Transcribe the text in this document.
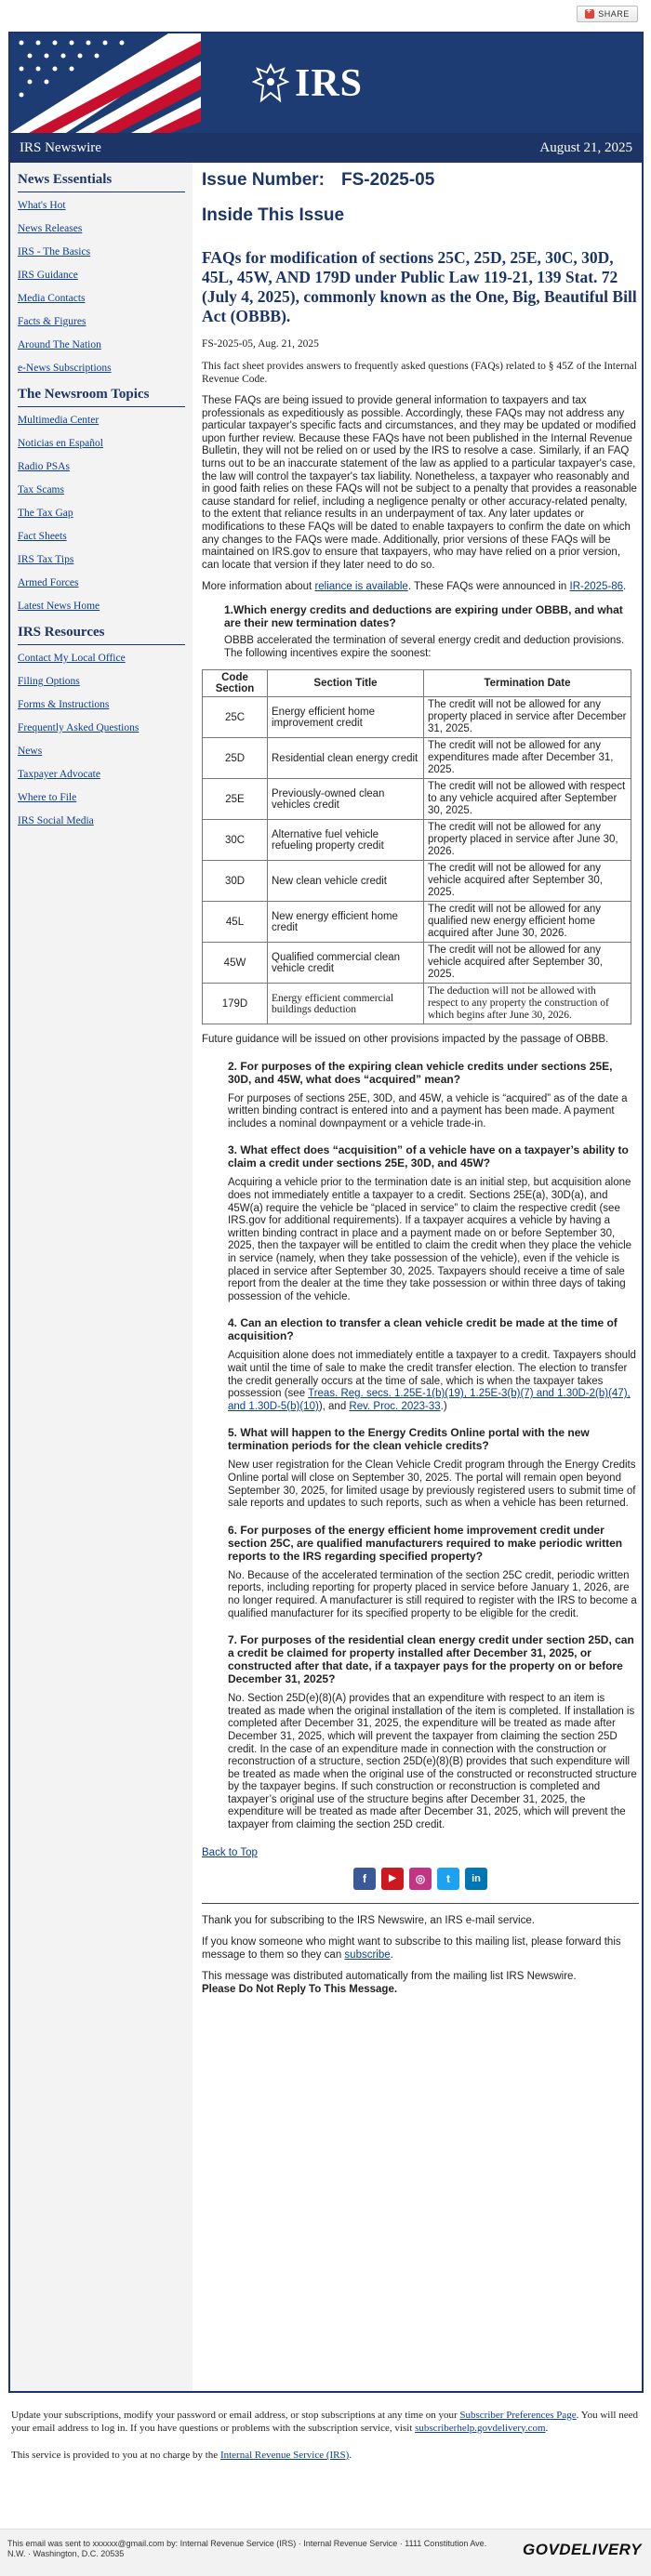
+
SHARE
IRS
IRS Newswire	August 21, 2025
News Essentials
What's Hot
News Releases
IRS - The Basics
IRS Guidance
Media Contacts
Facts & Figures
Around The Nation
e-News Subscriptions
The Newsroom Topics
Multimedia Center
Noticias en Español
Radio PSAs
Tax Scams
The Tax Gap
Fact Sheets
IRS Tax Tips
Armed Forces
Latest News Home
IRS Resources
Contact My Local Office
Filing Options
Forms & Instructions
Frequently Asked Questions
News
Taxpayer Advocate
Where to File
IRS Social Media
Issue Number: FS-2025-05
Inside This Issue
FAQs for modification of sections 25C, 25D, 25E, 30C, 30D, 45L, 45W, AND 179D under Public Law 119-21, 139 Stat. 72 (July 4, 2025), commonly known as the One, Big, Beautiful Bill Act (OBBB).

FS-2025-05, Aug. 21, 2025

This fact sheet provides answers to frequently asked questions (FAQs) related to § 45Z of the Internal Revenue Code.

These FAQs are being issued to provide general information to taxpayers and tax professionals as expeditiously as possible. Accordingly, these FAQs may not address any particular taxpayer's specific facts and circumstances, and they may be updated or modified upon further review. Because these FAQs have not been published in the Internal Revenue Bulletin, they will not be relied on or used by the IRS to resolve a case. Similarly, if an FAQ turns out to be an inaccurate statement of the law as applied to a particular taxpayer's case, the law will control the taxpayer's tax liability. Nonetheless, a taxpayer who reasonably and in good faith relies on these FAQs will not be subject to a penalty that provides a reasonable cause standard for relief, including a negligence penalty or other accuracy-related penalty, to the extent that reliance results in an underpayment of tax. Any later updates or modifications to these FAQs will be dated to enable taxpayers to confirm the date on which any changes to the FAQs were made. Additionally, prior versions of these FAQs will be maintained on IRS.gov to ensure that taxpayers, who may have relied on a prior version, can locate that version if they later need to do so.

More information about reliance is available. These FAQs were announced in IR-2025-86.

1.Which energy credits and deductions are expiring under OBBB, and what are their new termination dates?

OBBB accelerated the termination of several energy credit and deduction provisions. The following incentives expire the soonest:

Code Section	Section Title	Termination Date
25C	Energy efficient home improvement credit	The credit will not be allowed for any property placed in service after December 31, 2025.
25D	Residential clean energy credit	The credit will not be allowed for any expenditures made after December 31, 2025.
25E	Previously-owned clean vehicles credit	The credit will not be allowed with respect to any vehicle acquired after September 30, 2025.
30C	Alternative fuel vehicle refueling property credit	The credit will not be allowed for any property placed in service after June 30, 2026.
30D	New clean vehicle credit	The credit will not be allowed for any vehicle acquired after September 30, 2025.
45L	New energy efficient home credit	The credit will not be allowed for any qualified new energy efficient home acquired after June 30, 2026.
45W	Qualified commercial clean vehicle credit	The credit will not be allowed for any vehicle acquired after September 30, 2025.
179D	Energy efficient commercial buildings deduction	The deduction will not be allowed with respect to any property the construction of which begins after June 30, 2026.

Future guidance will be issued on other provisions impacted by the passage of OBBB.

2. For purposes of the expiring clean vehicle credits under sections 25E, 30D, and 45W, what does “acquired” mean?

For purposes of sections 25E, 30D, and 45W, a vehicle is “acquired” as of the date a written binding contract is entered into and a payment has been made. A payment includes a nominal downpayment or a vehicle trade-in.

3. What effect does “acquisition” of a vehicle have on a taxpayer’s ability to claim a credit under sections 25E, 30D, and 45W?

Acquiring a vehicle prior to the termination date is an initial step, but acquisition alone does not immediately entitle a taxpayer to a credit. Sections 25E(a), 30D(a), and 45W(a) require the vehicle be “placed in service” to claim the respective credit (see IRS.gov for additional requirements). If a taxpayer acquires a vehicle by having a written binding contract in place and a payment made on or before September 30, 2025, then the taxpayer will be entitled to claim the credit when they place the vehicle in service (namely, when they take possession of the vehicle), even if the vehicle is placed in service after September 30, 2025. Taxpayers should receive a time of sale report from the dealer at the time they take possession or within three days of taking possession of the vehicle.

4. Can an election to transfer a clean vehicle credit be made at the time of acquisition?

Acquisition alone does not immediately entitle a taxpayer to a credit. Taxpayers should wait until the time of sale to make the credit transfer election. The election to transfer the credit generally occurs at the time of sale, which is when the taxpayer takes possession (see Treas. Reg. secs. 1.25E-1(b)(19), 1.25E-3(b)(7) and 1.30D-2(b)(47), and 1.30D-5(b)(10)), and Rev. Proc. 2023-33.)

5. What will happen to the Energy Credits Online portal with the new termination periods for the clean vehicle credits?

New user registration for the Clean Vehicle Credit program through the Energy Credits Online portal will close on September 30, 2025. The portal will remain open beyond September 30, 2025, for limited usage by previously registered users to submit time of sale reports and updates to such reports, such as when a vehicle has been returned.

6. For purposes of the energy efficient home improvement credit under section 25C, are qualified manufacturers required to make periodic written reports to the IRS regarding specified property?

No. Because of the accelerated termination of the section 25C credit, periodic written reports, including reporting for property placed in service before January 1, 2026, are no longer required. A manufacturer is still required to register with the IRS to become a qualified manufacturer for its specified property to be eligible for the credit.

7. For purposes of the residential clean energy credit under section 25D, can a credit be claimed for property installed after December 31, 2025, or constructed after that date, if a taxpayer pays for the property on or before December 31, 2025?

No. Section 25D(e)(8)(A) provides that an expenditure with respect to an item is treated as made when the original installation of the item is completed. If installation is completed after December 31, 2025, the expenditure will be treated as made after December 31, 2025, which will prevent the taxpayer from claiming the section 25D credit. In the case of an expenditure made in connection with the construction or reconstruction of a structure, section 25D(e)(8)(B) provides that such expenditure will be treated as made when the original use of the constructed or reconstructed structure by the taxpayer begins. If such construction or reconstruction is completed and taxpayer’s original use of the structure begins after December 31, 2025, the expenditure will be treated as made after December 31, 2025, which will prevent the taxpayer from claiming the section 25D credit.

Back to Top
f	▶	◎	t	in

Thank you for subscribing to the IRS Newswire, an IRS e-mail service.

If you know someone who might want to subscribe to this mailing list, please forward this message to them so they can subscribe.

This message was distributed automatically from the mailing list IRS Newswire.

Please Do Not Reply To This Message.

Update your subscriptions, modify your password or email address, or stop subscriptions at any time on your Subscriber Preferences Page. You will need your email address to log in. If you have questions or problems with the subscription service, visit subscriberhelp.govdelivery.com.

This service is provided to you at no charge by the Internal Revenue Service (IRS).

This email was sent to xxxxxx@gmail.com by: Internal Revenue Service (IRS) · Internal Revenue Service · 1111 Constitution Ave. N.W. · Washington, D.C. 20535	GOVDELIVERY
